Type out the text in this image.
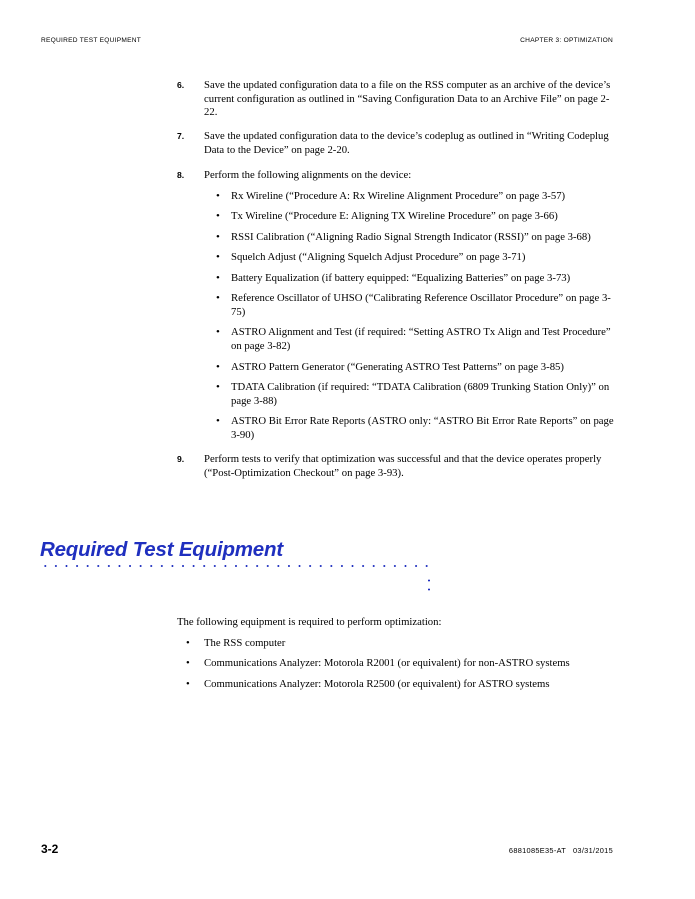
REQUIRED TEST EQUIPMENT	CHAPTER 3: OPTIMIZATION
6. Save the updated configuration data to a file on the RSS computer as an archive of the device’s current configuration as outlined in “Saving Configuration Data to an Archive File” on page 2-22.
7. Save the updated configuration data to the device’s codeplug as outlined in “Writing Codeplug Data to the Device” on page 2-20.
8. Perform the following alignments on the device:
• Rx Wireline (“Procedure A: Rx Wireline Alignment Procedure” on page 3-57)
• Tx Wireline (“Procedure E: Aligning TX Wireline Procedure” on page 3-66)
• RSSI Calibration (“Aligning Radio Signal Strength Indicator (RSSI)” on page 3-68)
• Squelch Adjust (“Aligning Squelch Adjust Procedure” on page 3-71)
• Battery Equalization (if battery equipped: “Equalizing Batteries” on page 3-73)
• Reference Oscillator of UHSO (“Calibrating Reference Oscillator Procedure” on page 3-75)
• ASTRO Alignment and Test (if required: “Setting ASTRO Tx Align and Test Procedure” on page 3-82)
• ASTRO Pattern Generator (“Generating ASTRO Test Patterns” on page 3-85)
• TDATA Calibration (if required: “TDATA Calibration (6809 Trunking Station Only)” on page 3-88)
• ASTRO Bit Error Rate Reports (ASTRO only: “ASTRO Bit Error Rate Reports” on page 3-90)
9. Perform tests to verify that optimization was successful and that the device operates properly (“Post-Optimization Checkout” on page 3-93).
Required Test Equipment
The following equipment is required to perform optimization:
• The RSS computer
• Communications Analyzer: Motorola R2001 (or equivalent) for non-ASTRO systems
• Communications Analyzer: Motorola R2500 (or equivalent) for ASTRO systems
3-2	6881085E35-AT   03/31/2015
